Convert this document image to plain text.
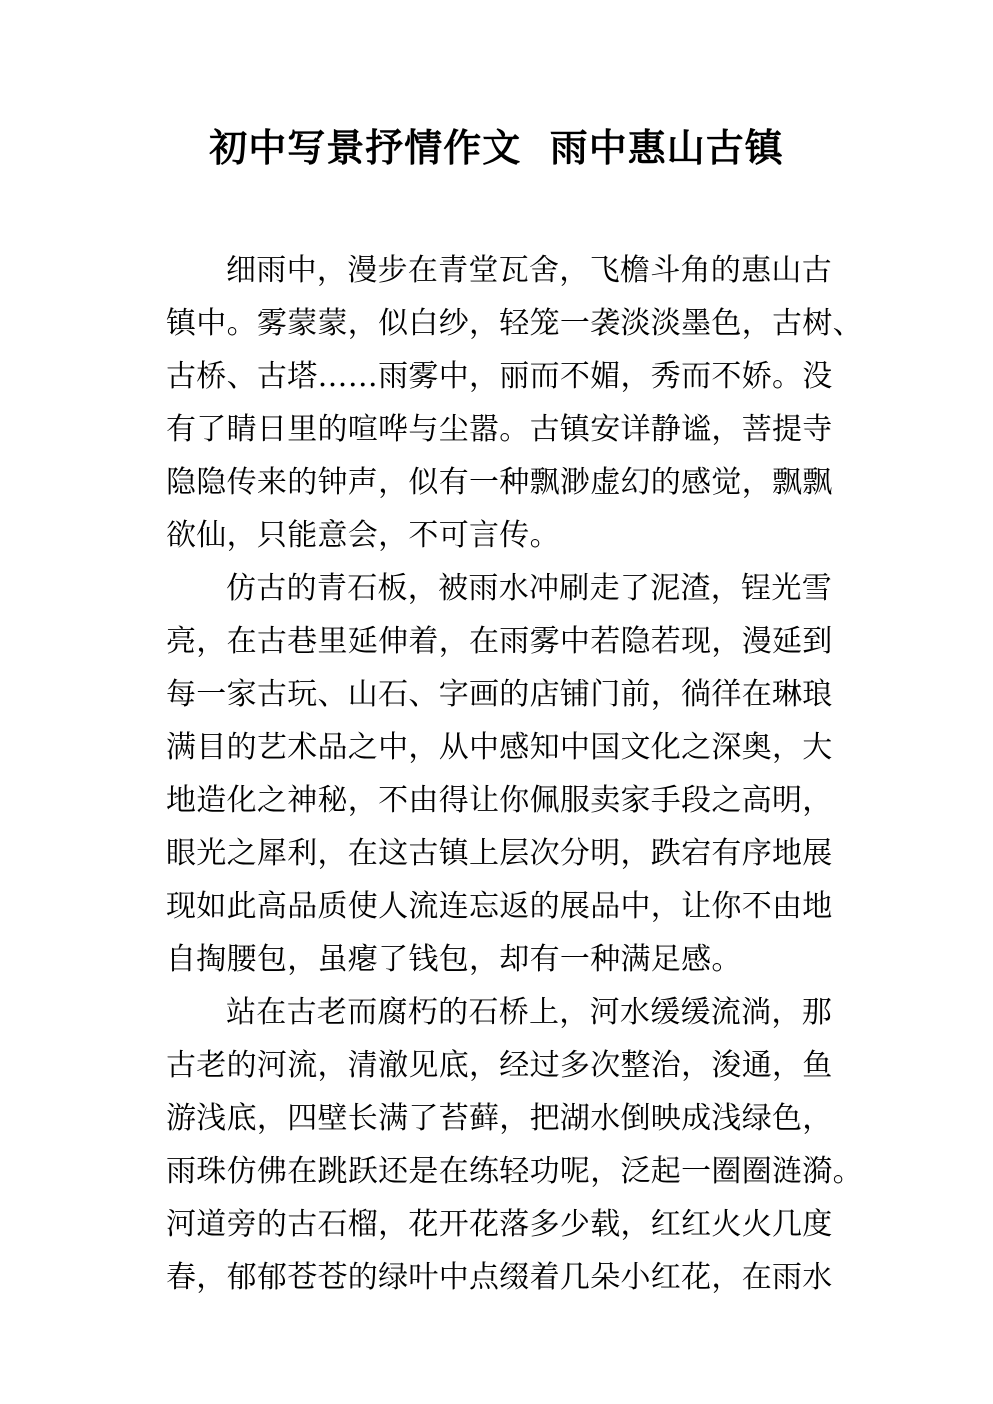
初中写景抒情作文  雨中惠山古镇
细雨中，漫步在青堂瓦舍，飞檐斗角的惠山古
镇中。雾蒙蒙，似白纱，轻笼一袭淡淡墨色，古树、
古桥、古塔……雨雾中，丽而不媚，秀而不娇。没
有了睛日里的喧哗与尘嚣。古镇安详静谧，菩提寺
隐隐传来的钟声，似有一种飘渺虚幻的感觉，飘飘
欲仙，只能意会，不可言传。
仿古的青石板，被雨水冲刷走了泥渣，锃光雪
亮，在古巷里延伸着，在雨雾中若隐若现，漫延到
每一家古玩、山石、字画的店铺门前，徜徉在琳琅
满目的艺术品之中，从中感知中国文化之深奥，大
地造化之神秘，不由得让你佩服卖家手段之高明，
眼光之犀利，在这古镇上层次分明，跌宕有序地展
现如此高品质使人流连忘返的展品中，让你不由地
自掏腰包，虽瘪了钱包，却有一种满足感。
站在古老而腐朽的石桥上，河水缓缓流淌，那
古老的河流，清澈见底，经过多次整治，浚通，鱼
游浅底，四壁长满了苔藓，把湖水倒映成浅绿色，
雨珠仿佛在跳跃还是在练轻功呢，泛起一圈圈涟漪。
河道旁的古石榴，花开花落多少载，红红火火几度
春，郁郁苍苍的绿叶中点缀着几朵小红花，在雨水
